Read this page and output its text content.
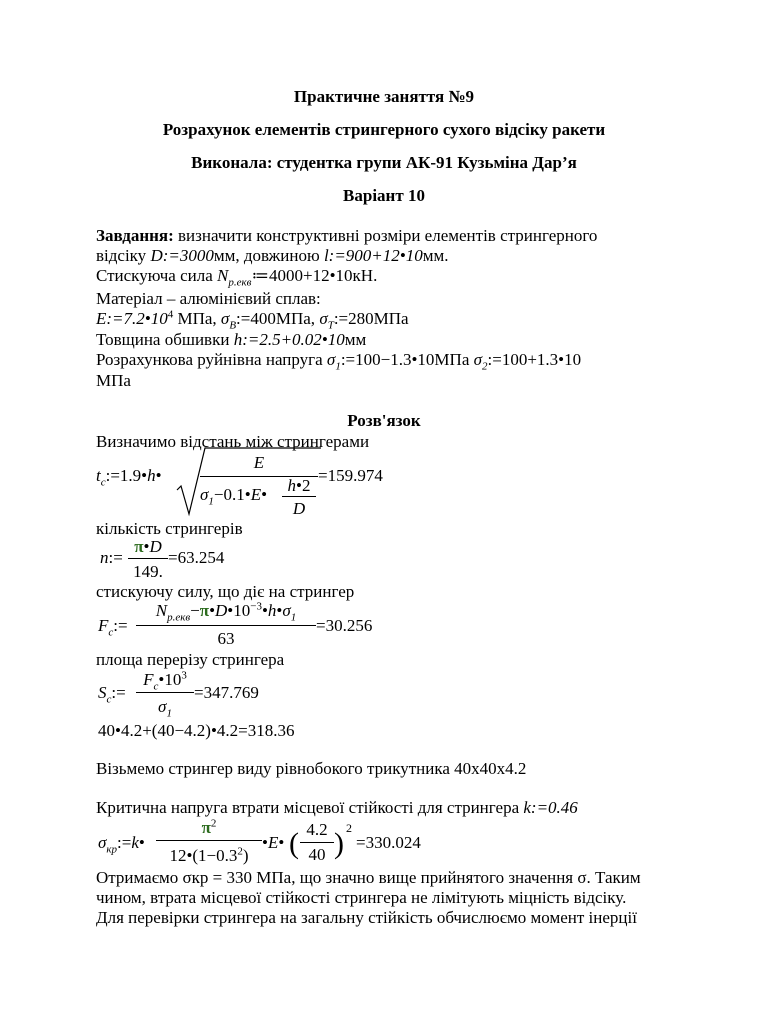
Практичне заняття №9
Розрахунок елементів стрингерного сухого відсіку ракети
Виконала: студентка групи АК-91 Кузьміна Дар’я
Варіант 10
Завдання: визначити конструктивні розміри елементів стрингерного
відсіку D:=3000мм, довжиною l:=900+12•10мм.
Стискуюча сила $N_{р.екв}≔4000+12•10кН$.
Матеріал – алюмінієвий сплав:
$E:=7.2•10^4$ МПа, $\sigma_B:=400МПа$, $\sigma_T:=280МПа$
Товщина обшивки h:=2.5+0.02•10мм
Розрахункова руйнівна напруга $\sigma_1:=100-1.3•10МПа$ $\sigma_2:=100+1.3•10$
МПа
Розв'язок
Визначимо відстань між стрингерами
$t_c:=1.9•h•$
E
$\sigma_1-0.1•E•$	h•2
D
=159.974
кількість стрингерів
n:=
π•D
149.
=63.254
стискуючу силу, що діє на стрингер
$F_c:=$
$N_{р.екв}-\pi•D•10^{-3}•h•\sigma_1$
63
=30.256
площа перерізу стрингера
$S_c:=$
$F_c•10^3$
$\sigma_1$
=347.769
40•4.2+(40−4.2)•4.2=318.36
Візьмемо стрингер виду рівнобокого трикутника 40х40х4.2
Критична напруга втрати місцевої стійкості для стрингера k:=0.46
$\sigma_{кр}:=k•$
$\pi^2$
$12•(1-0.3^2)$
•E• ( 4.2
40 ) 2
=330.024
Отримаємо σкр = 330 МПа, що значно вище прийнятого значення σ. Таким
чином, втрата місцевої стійкості стрингера не лімітують міцність відсіку.
Для перевірки стрингера на загальну стійкість обчислюємо момент інерції
